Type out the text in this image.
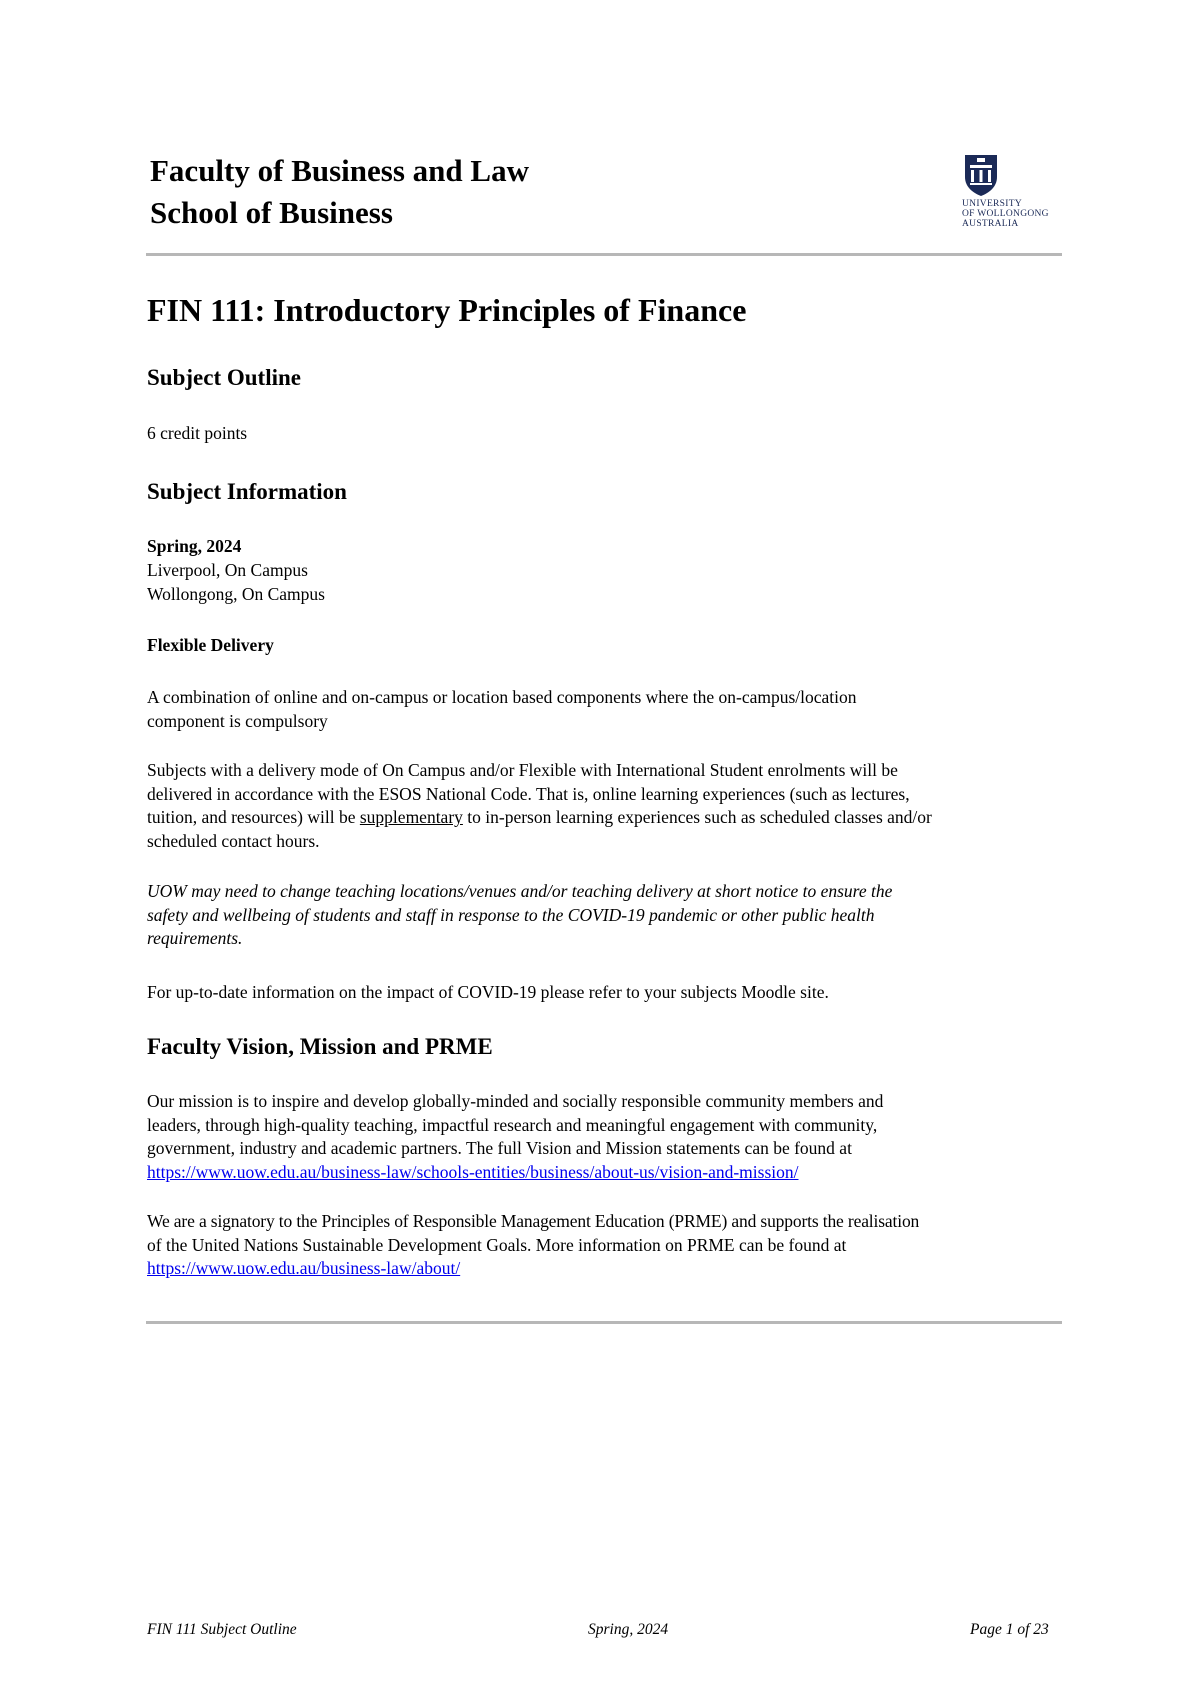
Faculty of Business and Law
School of Business	UNIVERSITY
OF WOLLONGONG
AUSTRALIA
FIN 111: Introductory Principles of Finance
Subject Outline
6 credit points
Subject Information
Spring, 2024
Liverpool, On Campus
Wollongong, On Campus
Flexible Delivery
A combination of online and on-campus or location based components where the on-campus/location
component is compulsory
Subjects with a delivery mode of On Campus and/or Flexible with International Student enrolments will be
delivered in accordance with the ESOS National Code. That is, online learning experiences (such as lectures,
tuition, and resources) will be supplementary to in-person learning experiences such as scheduled classes and/or
scheduled contact hours.
UOW may need to change teaching locations/venues and/or teaching delivery at short notice to ensure the
safety and wellbeing of students and staff in response to the COVID-19 pandemic or other public health
requirements.
For up-to-date information on the impact of COVID-19 please refer to your subjects Moodle site.
Faculty Vision, Mission and PRME
Our mission is to inspire and develop globally-minded and socially responsible community members and
leaders, through high-quality teaching, impactful research and meaningful engagement with community,
government, industry and academic partners. The full Vision and Mission statements can be found at
https://www.uow.edu.au/business-law/schools-entities/business/about-us/vision-and-mission/
We are a signatory to the Principles of Responsible Management Education (PRME) and supports the realisation
of the United Nations Sustainable Development Goals. More information on PRME can be found at
https://www.uow.edu.au/business-law/about/
FIN 111 Subject Outline	Spring, 2024	Page 1 of 23
